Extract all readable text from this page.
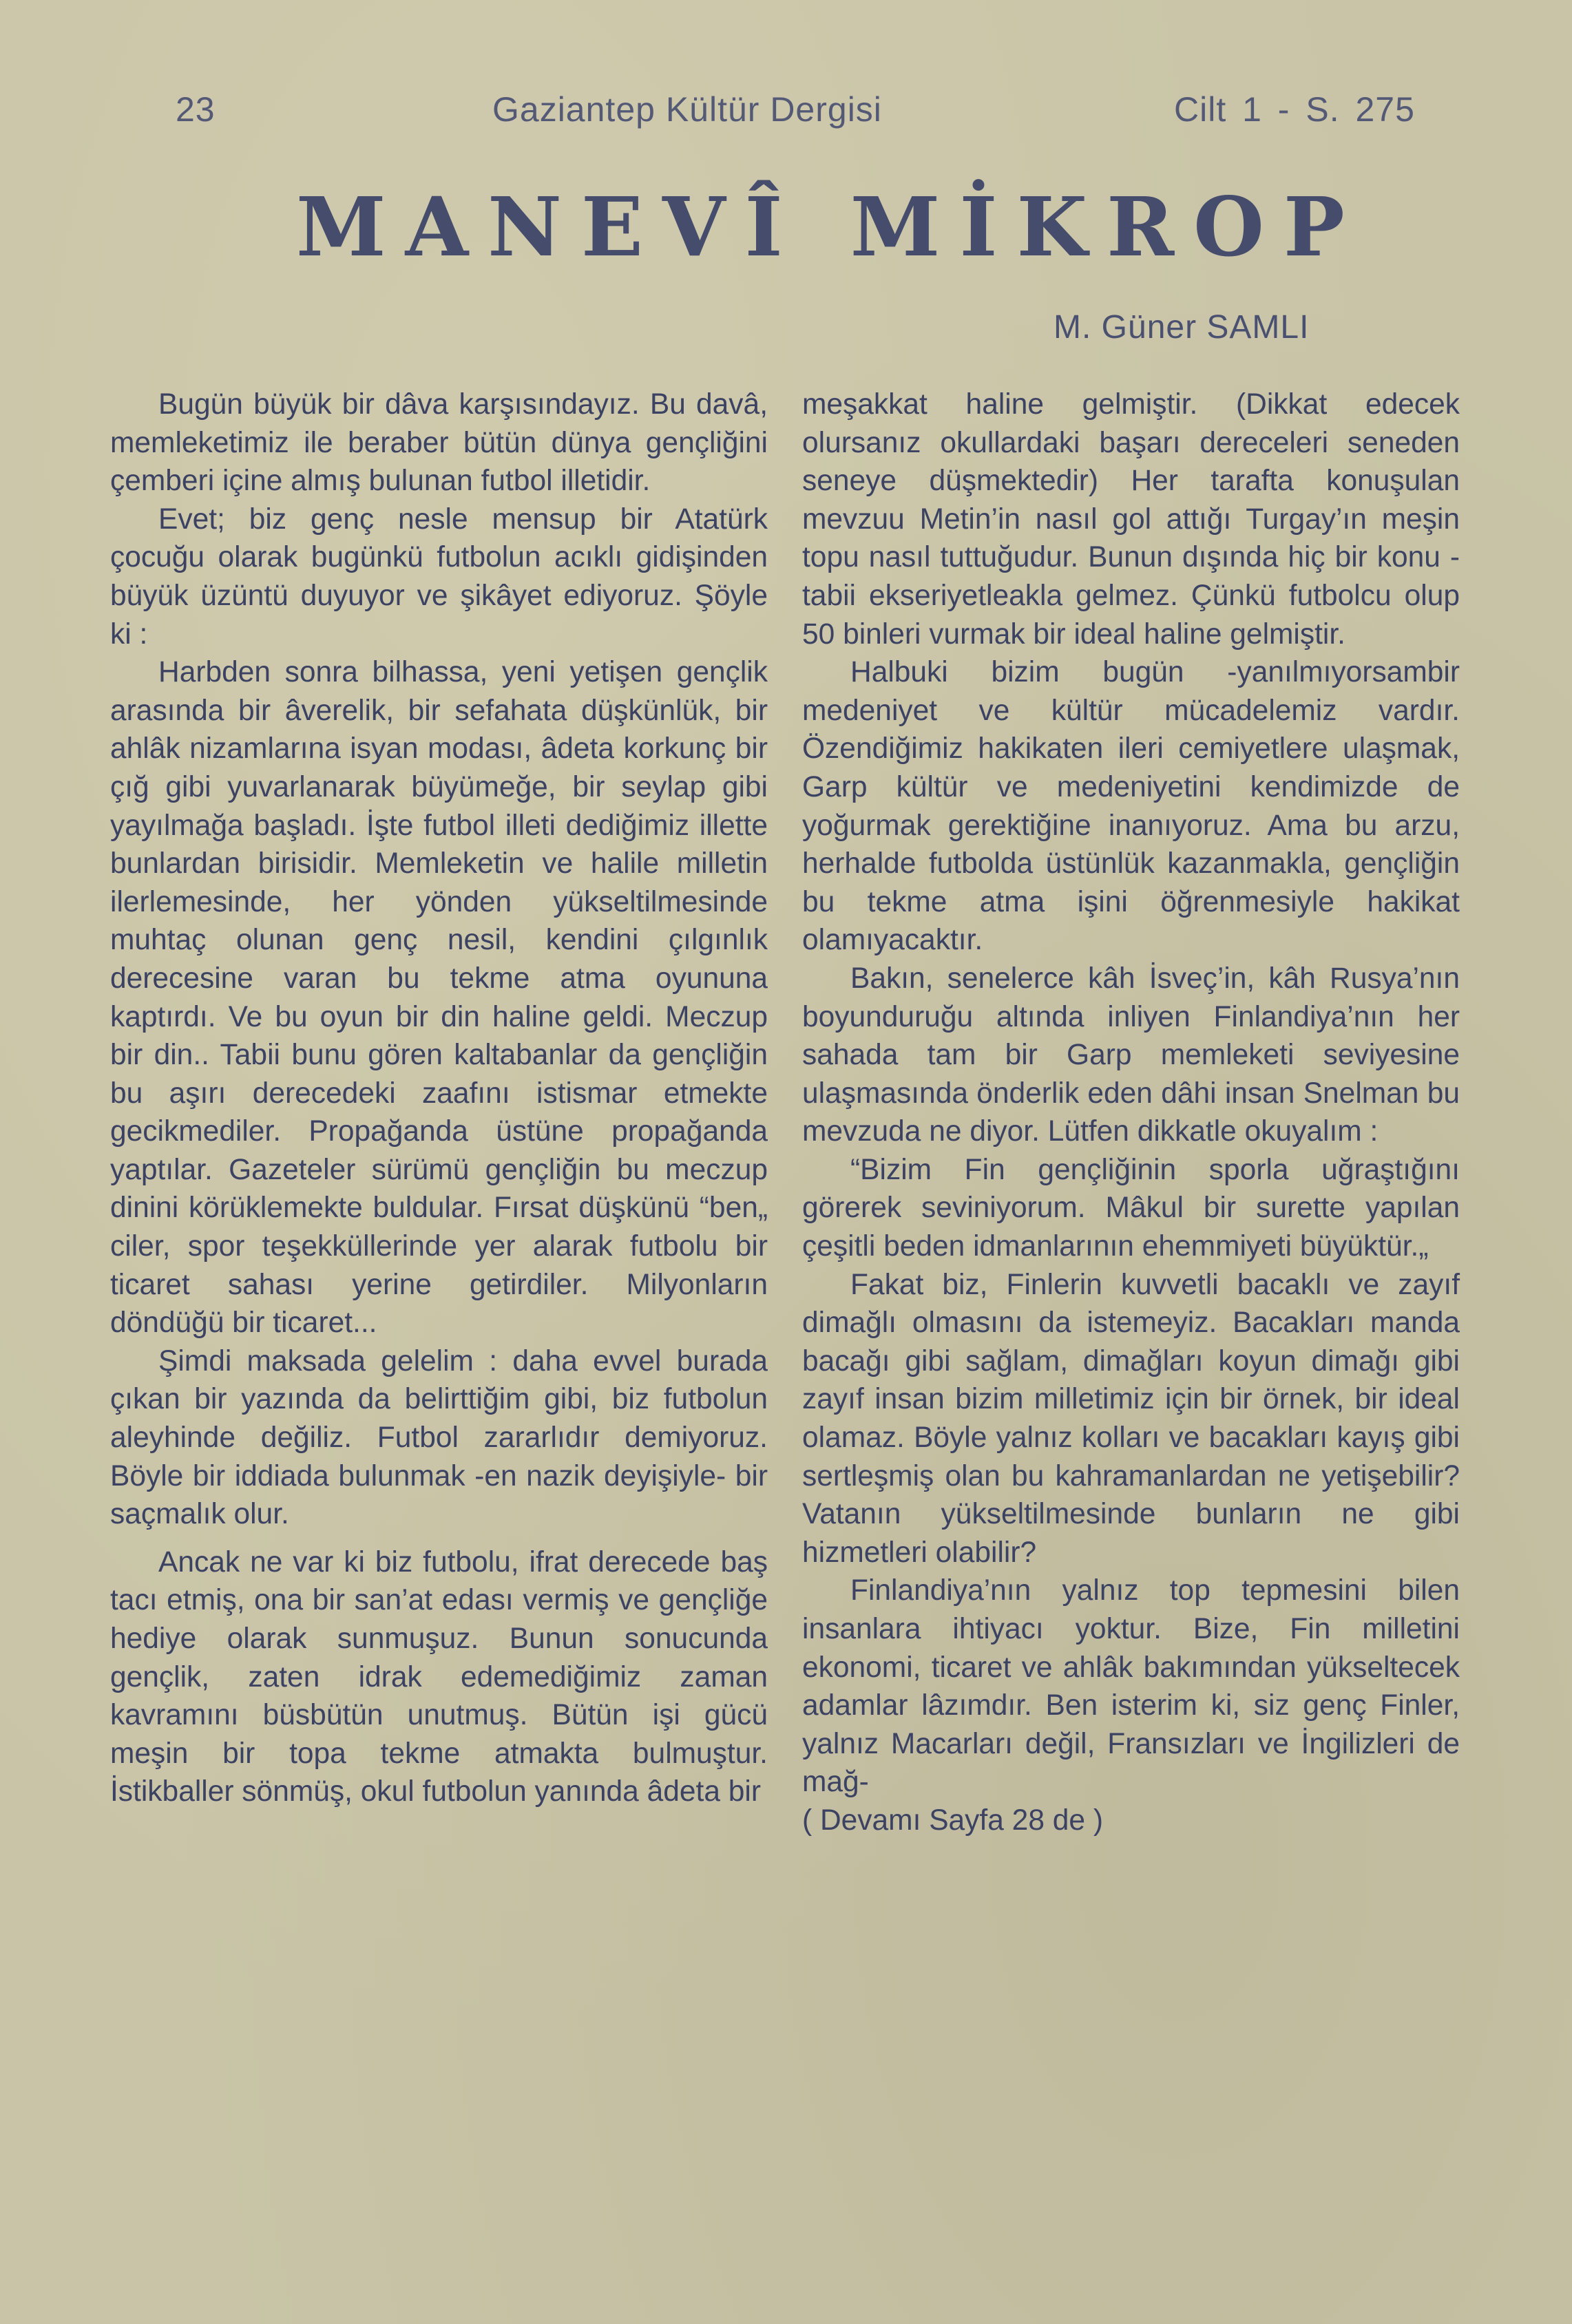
23	Gaziantep Kültür Dergisi	Cilt 1 - S. 275
MANEVÎ MİKROP
M. Güner SAMLI

Bugün büyük bir dâva karşısındayız. Bu davâ, memleketimiz ile beraber bütün dünya gençliğini çemberi içine almış bulunan futbol illetidir.

Evet; biz genç nesle mensup bir Atatürk çocuğu olarak bugünkü futbolun acıklı gidişinden büyük üzüntü duyuyor ve şikâyet ediyoruz. Şöyle ki :

Harbden sonra bilhassa, yeni yetişen gençlik arasında bir âverelik, bir sefahata düşkünlük, bir ahlâk nizamlarına isyan modası, âdeta korkunç bir çığ gibi yuvarlanarak büyümeğe, bir seylap gibi yayılmağa başladı. İşte futbol illeti dediğimiz illette bunlardan birisidir. Memleketin ve halile milletin ilerlemesinde, her yönden yükseltilmesinde muhtaç olunan genç nesil, kendini çılgınlık derecesine varan bu tekme atma oyununa kaptırdı. Ve bu oyun bir din haline geldi. Meczup bir din.. Tabii bunu gören kaltabanlar da gençliğin bu aşırı derecedeki zaafını istismar etmekte gecikmediler. Propağanda üstüne propağanda yaptılar. Gazeteler sürümü gençliğin bu meczup dinini körüklemekte buldular. Fırsat düşkünü “ben„ ciler, spor teşekküllerinde yer alarak futbolu bir ticaret sahası yerine getirdiler. Milyonların döndüğü bir ticaret...

Şimdi maksada gelelim : daha evvel burada çıkan bir yazında da belirttiğim gibi, biz futbolun aleyhinde değiliz. Futbol zararlıdır demiyoruz. Böyle bir iddiada bulunmak -en nazik deyişiyle- bir saçmalık olur.

Ancak ne var ki biz futbolu, ifrat derecede baş tacı etmiş, ona bir san’at edası vermiş ve gençliğe hediye olarak sunmuşuz. Bunun sonucunda gençlik, zaten idrak edemediğimiz zaman kavramını büsbütün unutmuş. Bütün işi gücü meşin bir topa tekme atmakta bulmuştur. İstikballer sönmüş, okul futbolun yanında âdeta bir

meşakkat haline gelmiştir. (Dikkat edecek olursanız okullardaki başarı dereceleri seneden seneye düşmektedir) Her tarafta konuşulan mevzuu Metin’in nasıl gol attığı Turgay’ın meşin topu nasıl tuttuğudur. Bunun dışında hiç bir konu -tabii ekseriyetleakla gelmez. Çünkü futbolcu olup 50 binleri vurmak bir ideal haline gelmiştir.

Halbuki bizim bugün -yanılmıyorsambir medeniyet ve kültür mücadelemiz vardır. Özendiğimiz hakikaten ileri cemiyetlere ulaşmak, Garp kültür ve medeniyetini kendimizde de yoğurmak gerektiğine inanıyoruz. Ama bu arzu, herhalde futbolda üstünlük kazanmakla, gençliğin bu tekme atma işini öğrenmesiyle hakikat olamıyacaktır.

Bakın, senelerce kâh İsveç’in, kâh Rusya’nın boyunduruğu altında inliyen Finlandiya’nın her sahada tam bir Garp memleketi seviyesine ulaşmasında önderlik eden dâhi insan Snelman bu mevzuda ne diyor. Lütfen dikkatle okuyalım :

“Bizim Fin gençliğinin sporla uğraştığını görerek seviniyorum. Mâkul bir surette yapılan çeşitli beden idmanlarının ehemmiyeti büyüktür.„

Fakat biz, Finlerin kuvvetli bacaklı ve zayıf dimağlı olmasını da istemeyiz. Bacakları manda bacağı gibi sağlam, dimağları koyun dimağı gibi zayıf insan bizim milletimiz için bir örnek, bir ideal olamaz. Böyle yalnız kolları ve bacakları kayış gibi sertleşmiş olan bu kahramanlardan ne yetişebilir? Vatanın yükseltilmesinde bunların ne gibi hizmetleri olabilir?

Finlandiya’nın yalnız top tepmesini bilen insanlara ihtiyacı yoktur. Bize, Fin milletini ekonomi, ticaret ve ahlâk bakımından yükseltecek adamlar lâzımdır. Ben isterim ki, siz genç Finler, yalnız Macarları değil, Fransızları ve İngilizleri de mağ-

( Devamı Sayfa 28 de )
